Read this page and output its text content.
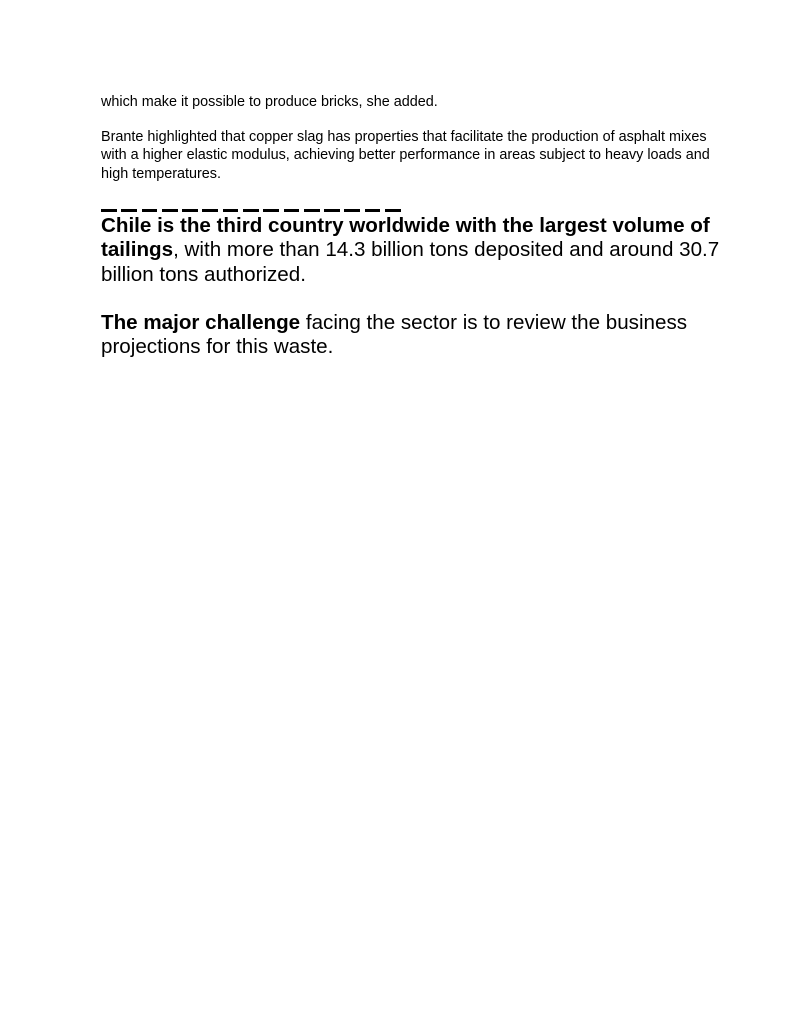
which make it possible to produce bricks, she added.

Brante highlighted that copper slag has properties that facilitate the production of asphalt mixes with a higher elastic modulus, achieving better performance in areas subject to heavy loads and high temperatures.

Chile is the third country worldwide with the largest volume of tailings, with more than 14.3 billion tons deposited and around 30.7 billion tons authorized.

The major challenge facing the sector is to review the business projections for this waste.
